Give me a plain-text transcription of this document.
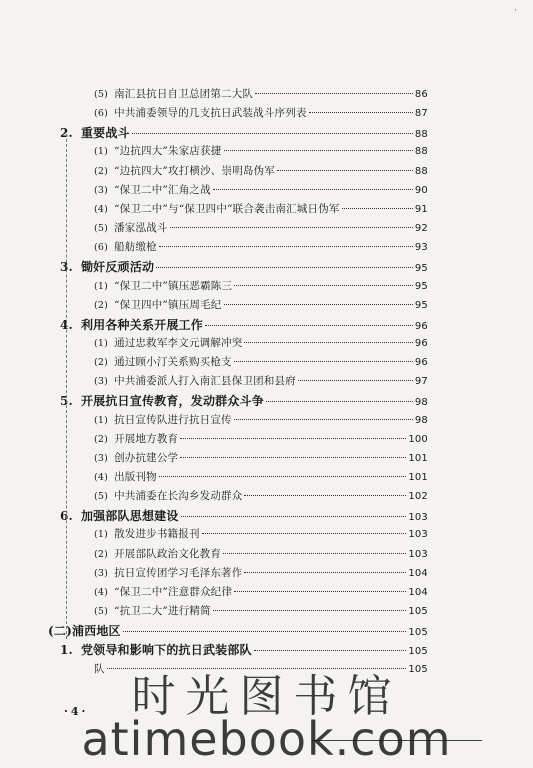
·
(5) 南汇县抗日自卫总团第二大队	86
(6) 中共浦委领导的几支抗日武装战斗序列表	87
2. 重要战斗	88
(1) “边抗四大”朱家店获捷	88
(2) “边抗四大”攻打横沙、崇明岛伪军	88
(3) “保卫二中”汇角之战	90
(4) “保卫二中”与“保卫四中”联合袭击南汇城日伪军	91
(5) 潘家泓战斗	92
(6) 船舫缴枪	93
3. 锄奸反顽活动	95
(1) “保卫二中”镇压恶霸陈三	95
(2) “保卫四中”镇压周毛纪	95
4. 利用各种关系开展工作	96
(1) 通过忠救军李文元调解冲突	96
(2) 通过顾小汀关系购买枪支	96
(3) 中共浦委派人打入南汇县保卫团和县府	97
5. 开展抗日宣传教育，发动群众斗争	98
(1) 抗日宣传队进行抗日宣传	98
(2) 开展地方教育	100
(3) 创办抗建公学	101
(4) 出版刊物	101
(5) 中共浦委在长沟乡发动群众	102
6. 加强部队思想建设	103
(1) 散发进步书籍报刊	103
(2) 开展部队政治文化教育	103
(3) 抗日宣传团学习毛泽东著作	104
(4) “保卫二中”注意群众纪律	104
(5) “抗卫二大”进行精简	105
(二)浦西地区	105
1. 党领导和影响下的抗日武装部队	105
队	105
·4· 时光图书馆
atimebook.com
